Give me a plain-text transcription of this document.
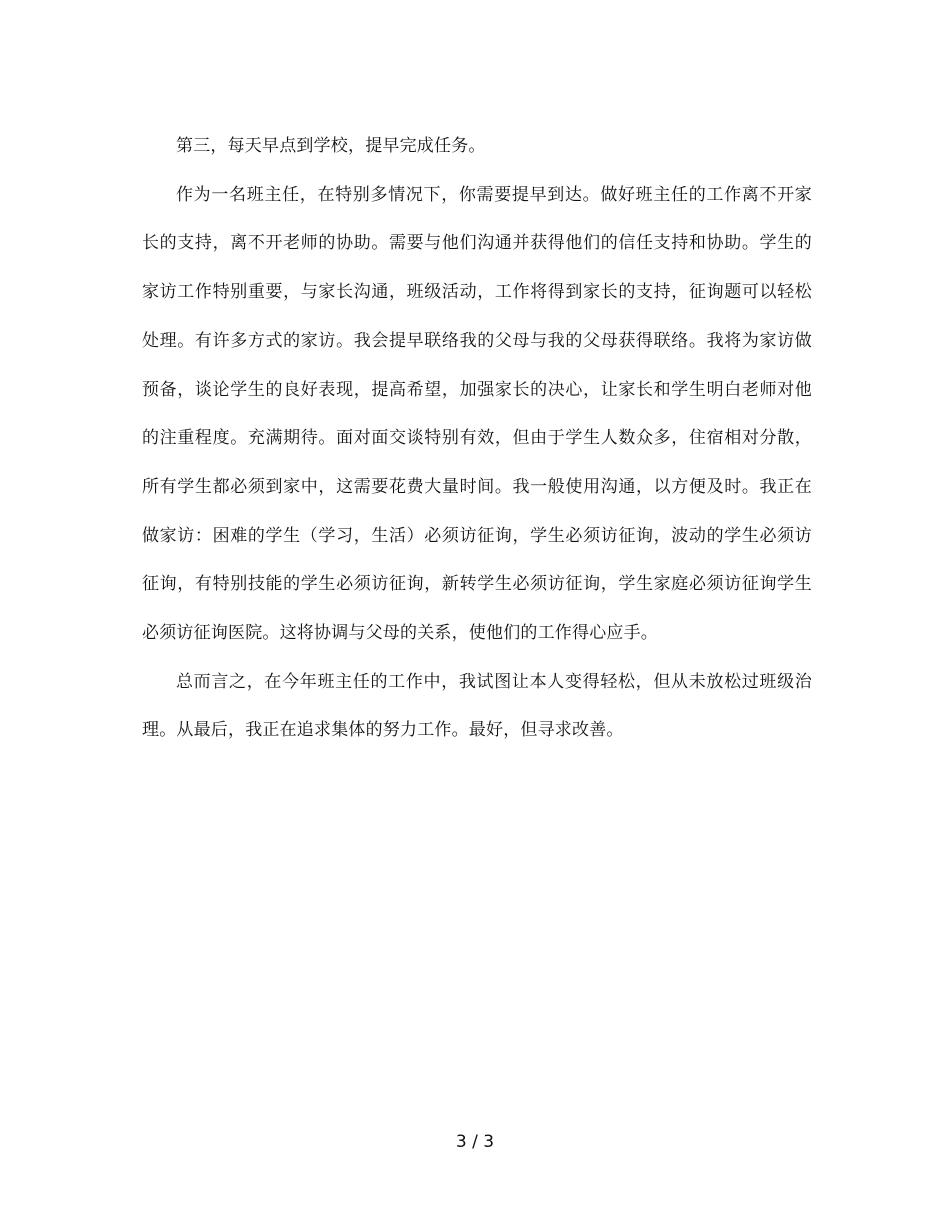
第三，每天早点到学校，提早完成任务。

作为一名班主任，在特别多情况下，你需要提早到达。做好班主任的工作离不开家长的支持，离不开老师的协助。需要与他们沟通并获得他们的信任支持和协助。学生的家访工作特别重要，与家长沟通，班级活动，工作将得到家长的支持，征询题可以轻松处理。有许多方式的家访。我会提早联络我的父母与我的父母获得联络。我将为家访做预备，谈论学生的良好表现，提高希望，加强家长的决心，让家长和学生明白老师对他的注重程度。充满期待。面对面交谈特别有效，但由于学生人数众多，住宿相对分散，所有学生都必须到家中，这需要花费大量时间。我一般使用沟通，以方便及时。我正在做家访：困难的学生（学习，生活）必须访征询，学生必须访征询，波动的学生必须访征询，有特别技能的学生必须访征询，新转学生必须访征询，学生家庭必须访征询学生必须访征询医院。这将协调与父母的关系，使他们的工作得心应手。

总而言之，在今年班主任的工作中，我试图让本人变得轻松，但从未放松过班级治理。从最后，我正在追求集体的努力工作。最好，但寻求改善。

3 / 3
